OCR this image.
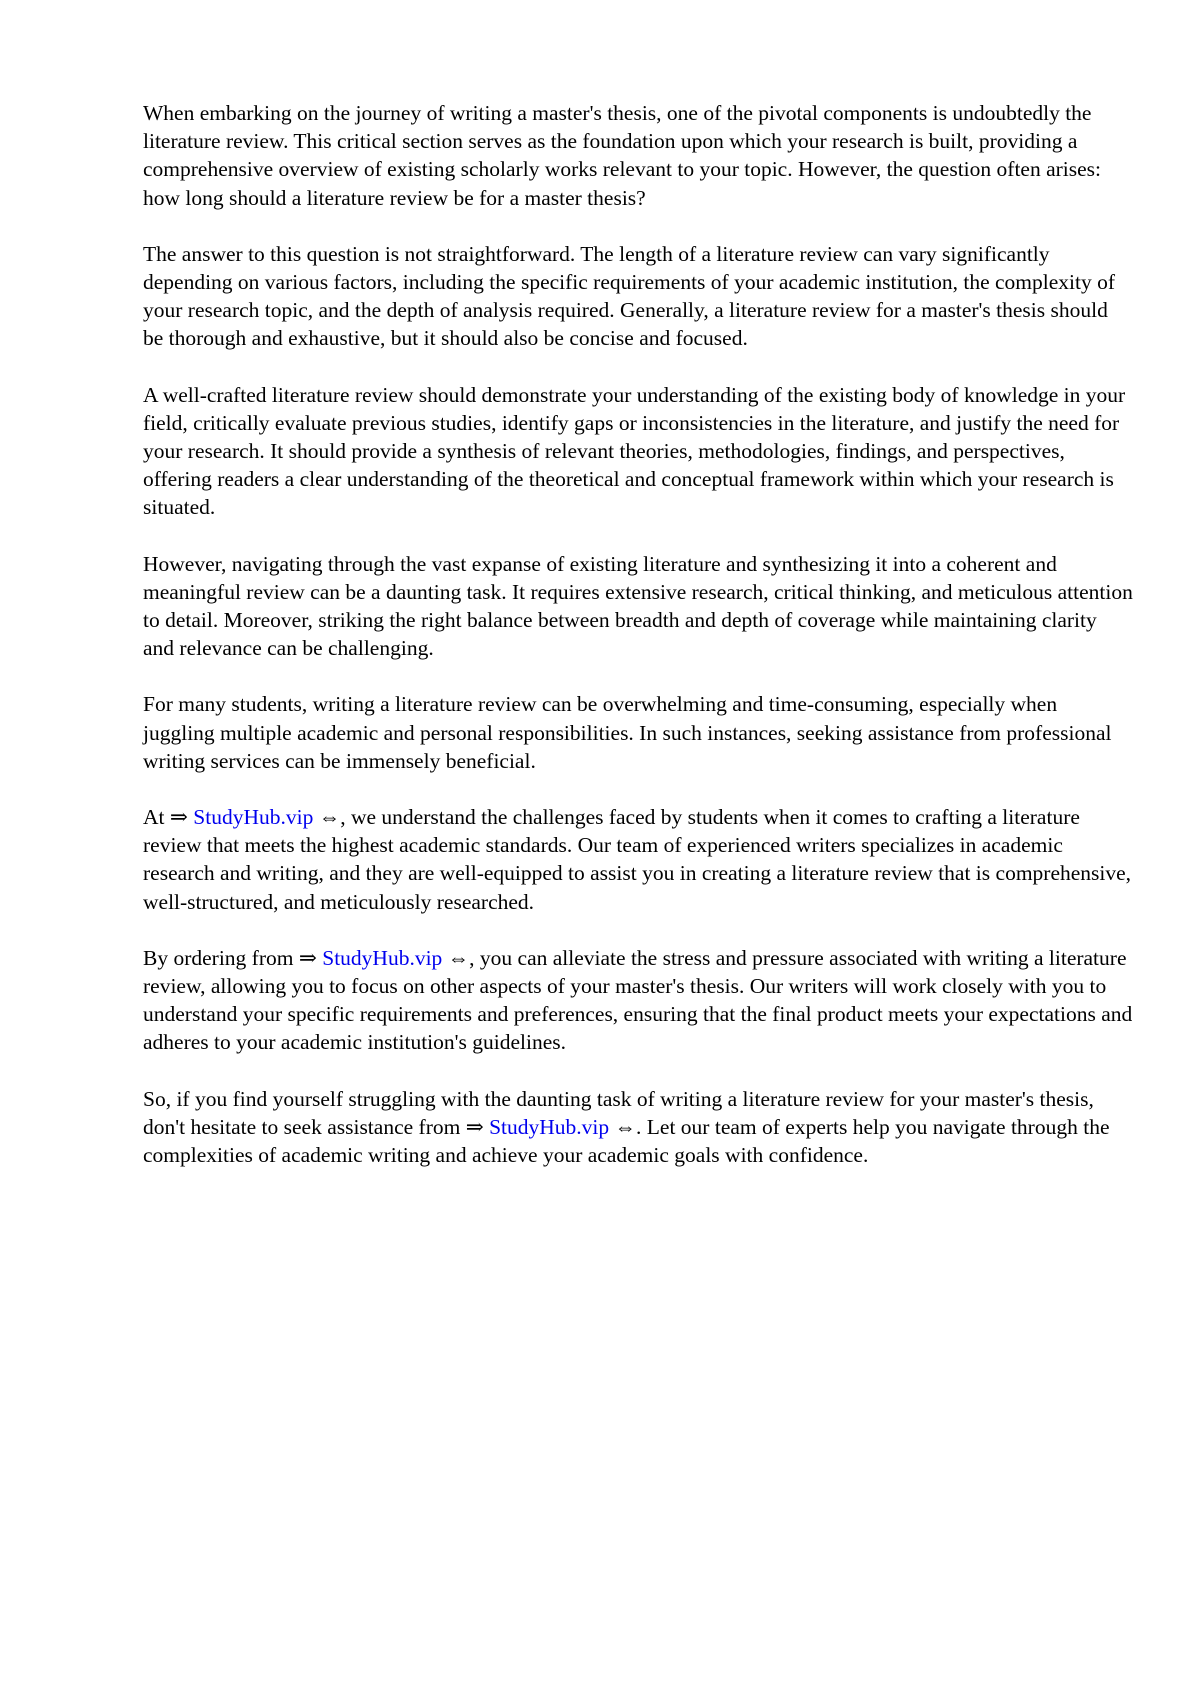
When embarking on the journey of writing a master's thesis, one of the pivotal components is undoubtedly the literature review. This critical section serves as the foundation upon which your research is built, providing a comprehensive overview of existing scholarly works relevant to your topic. However, the question often arises: how long should a literature review be for a master thesis?

The answer to this question is not straightforward. The length of a literature review can vary significantly depending on various factors, including the specific requirements of your academic institution, the complexity of your research topic, and the depth of analysis required. Generally, a literature review for a master's thesis should be thorough and exhaustive, but it should also be concise and focused.

A well-crafted literature review should demonstrate your understanding of the existing body of knowledge in your field, critically evaluate previous studies, identify gaps or inconsistencies in the literature, and justify the need for your research. It should provide a synthesis of relevant theories, methodologies, findings, and perspectives, offering readers a clear understanding of the theoretical and conceptual framework within which your research is situated.

However, navigating through the vast expanse of existing literature and synthesizing it into a coherent and meaningful review can be a daunting task. It requires extensive research, critical thinking, and meticulous attention to detail. Moreover, striking the right balance between breadth and depth of coverage while maintaining clarity and relevance can be challenging.

For many students, writing a literature review can be overwhelming and time-consuming, especially when juggling multiple academic and personal responsibilities. In such instances, seeking assistance from professional writing services can be immensely beneficial.

At ⇒ StudyHub.vip ⇔, we understand the challenges faced by students when it comes to crafting a literature review that meets the highest academic standards. Our team of experienced writers specializes in academic research and writing, and they are well-equipped to assist you in creating a literature review that is comprehensive, well-structured, and meticulously researched.

By ordering from ⇒ StudyHub.vip ⇔, you can alleviate the stress and pressure associated with writing a literature review, allowing you to focus on other aspects of your master's thesis. Our writers will work closely with you to understand your specific requirements and preferences, ensuring that the final product meets your expectations and adheres to your academic institution's guidelines.

So, if you find yourself struggling with the daunting task of writing a literature review for your master's thesis, don't hesitate to seek assistance from ⇒ StudyHub.vip ⇔. Let our team of experts help you navigate through the complexities of academic writing and achieve your academic goals with confidence.
